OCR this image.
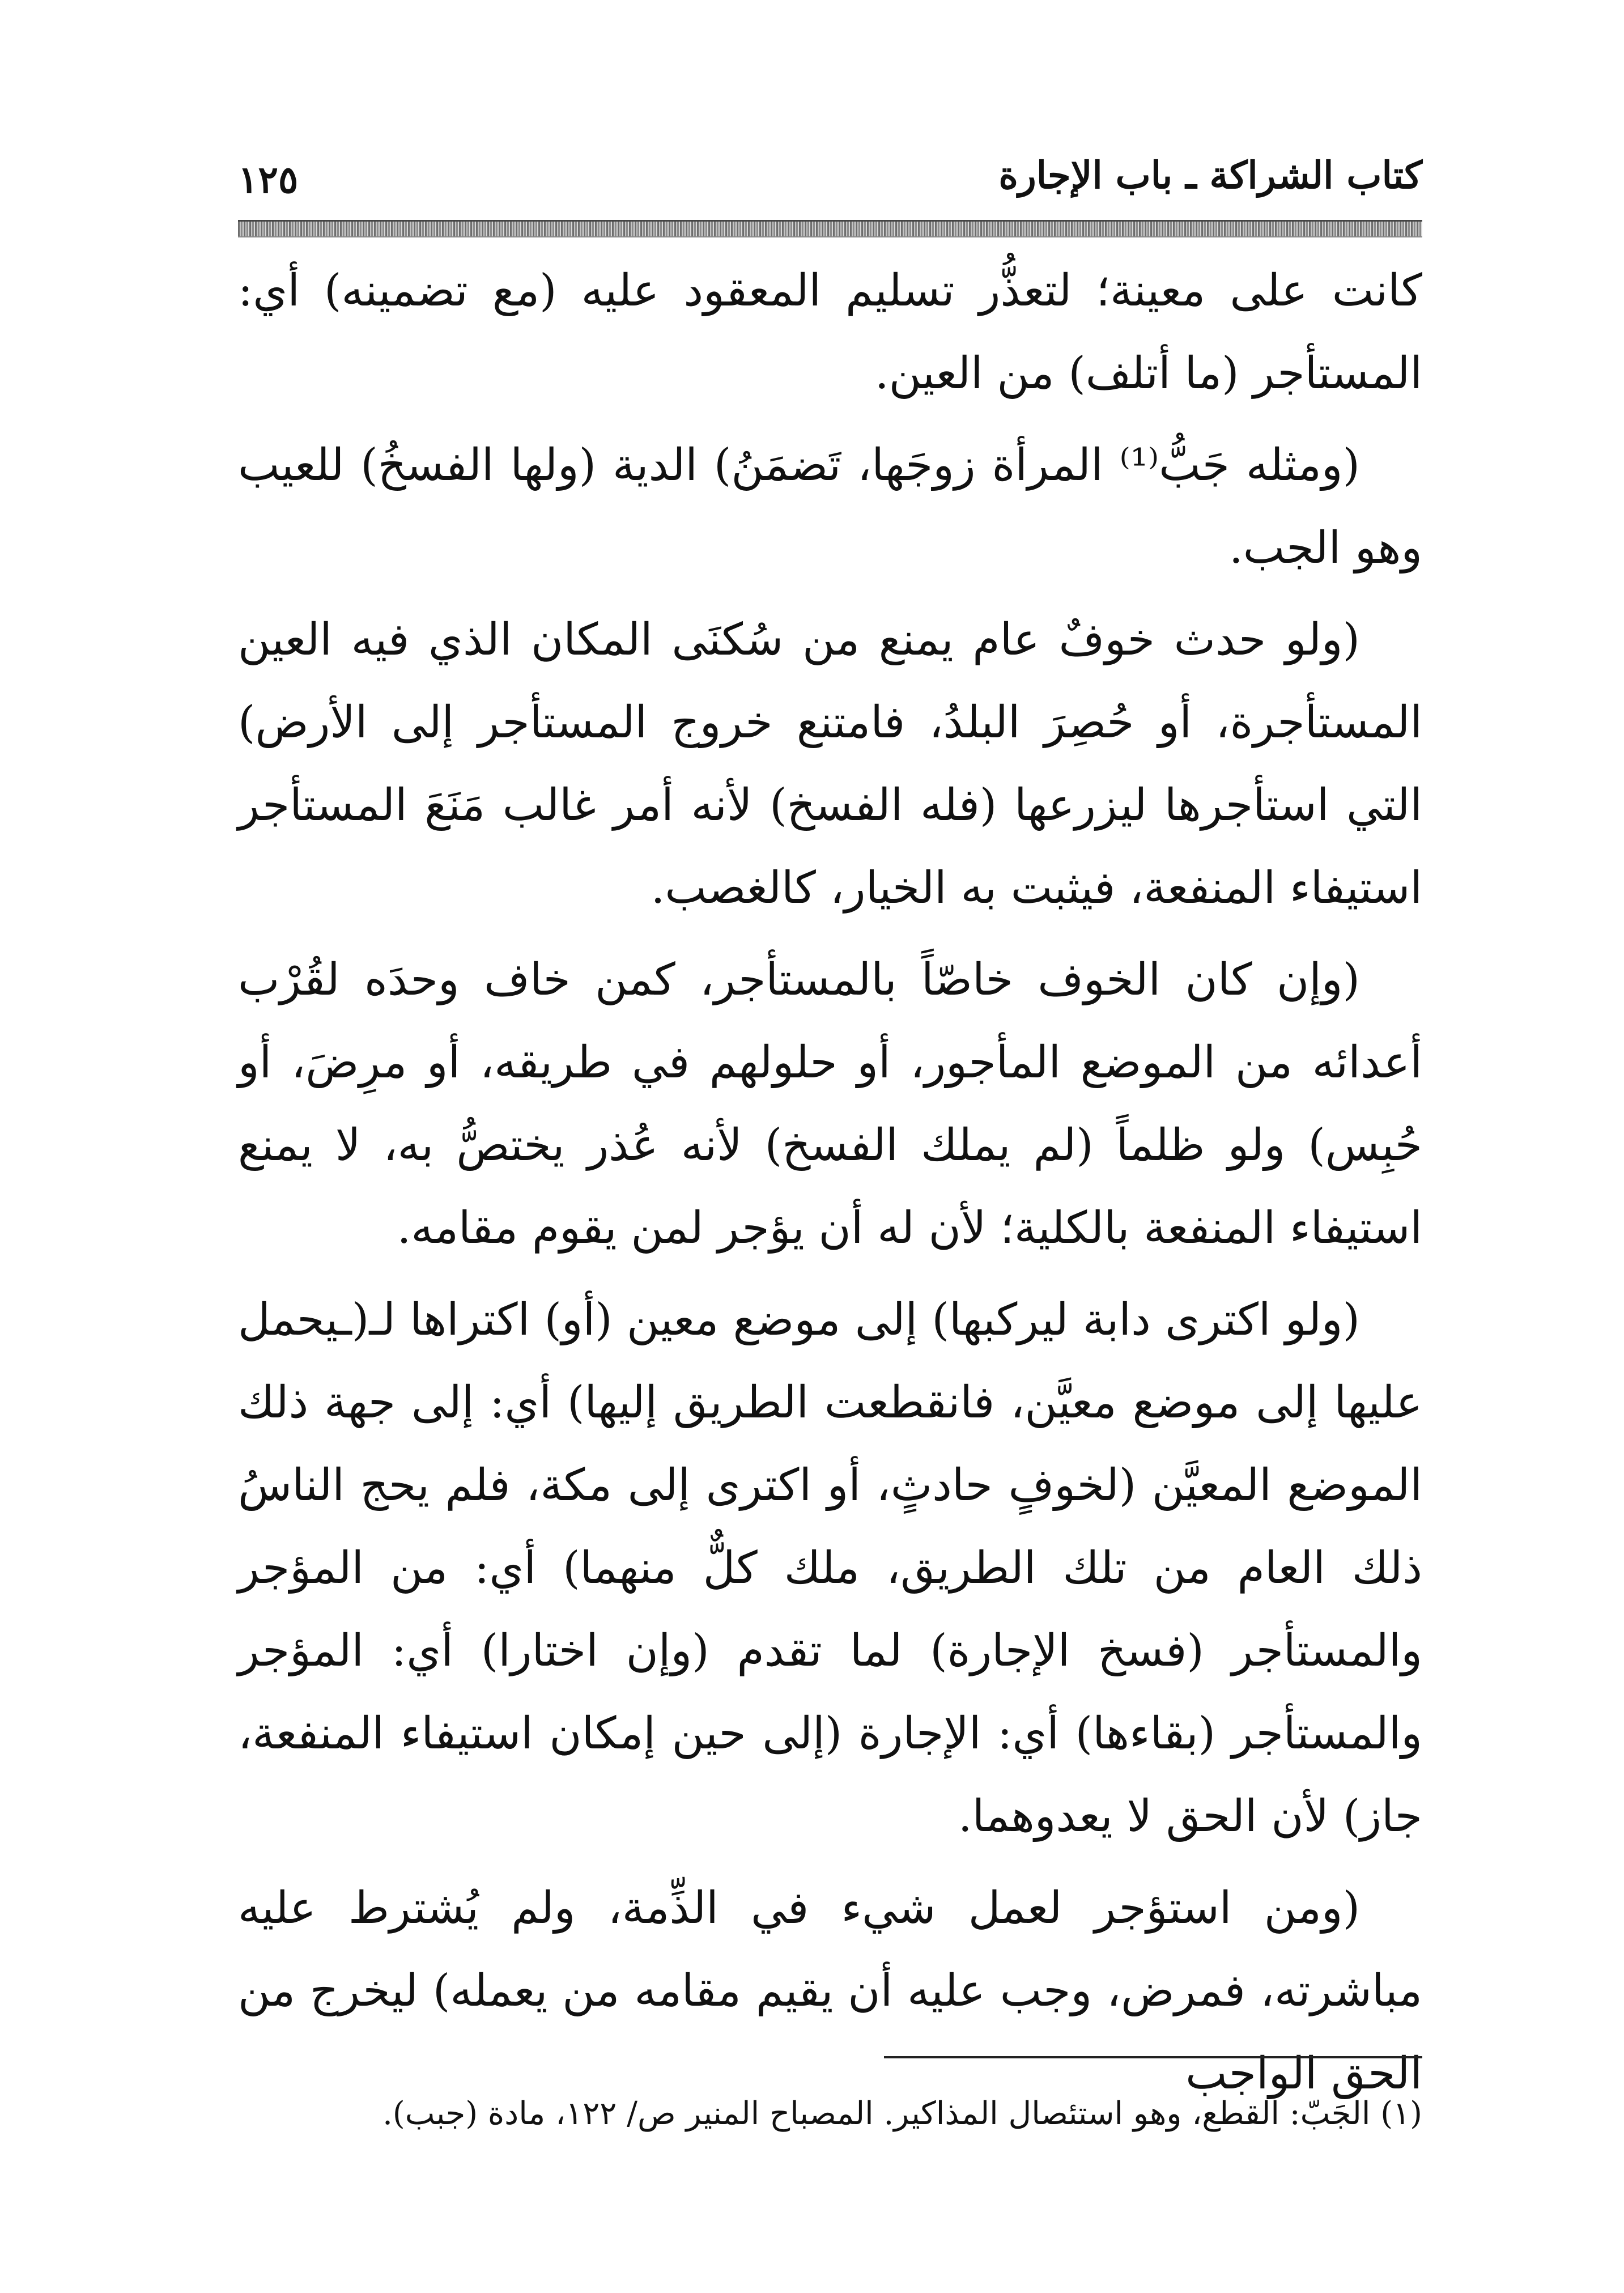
كتاب الشراكة ـ باب الإجارة
١٢٥

كانت على معينة؛ لتعذُّر تسليم المعقود عليه (مع تضمينه) أي: المستأجر (ما أتلف) من العين.

(ومثله جَبُّ⁽¹⁾ المرأة زوجَها، تَضمَنُ) الدية (ولها الفسخُ) للعيب وهو الجب.

(ولو حدث خوفٌ عام يمنع من سُكنَى المكان الذي فيه العين المستأجرة، أو حُصِرَ البلدُ، فامتنع خروج المستأجر إلى الأرض) التي استأجرها ليزرعها (فله الفسخ) لأنه أمر غالب مَنَعَ المستأجر استيفاء المنفعة، فيثبت به الخيار، كالغصب.

(وإن كان الخوف خاصّاً بالمستأجر، كمن خاف وحدَه لقُرْب أعدائه من الموضع المأجور، أو حلولهم في طريقه، أو مرِضَ، أو حُبِس) ولو ظلماً (لم يملك الفسخ) لأنه عُذر يختصُّ به، لا يمنع استيفاء المنفعة بالكلية؛ لأن له أن يؤجر لمن يقوم مقامه.

(ولو اكترى دابة ليركبها) إلى موضع معين (أو) اكتراها لـ(ـيحمل عليها إلى موضع معيَّن، فانقطعت الطريق إليها) أي: إلى جهة ذلك الموضع المعيَّن (لخوفٍ حادثٍ، أو اكترى إلى مكة، فلم يحج الناسُ ذلك العام من تلك الطريق، ملك كلٌّ منهما) أي: من المؤجر والمستأجر (فسخ الإجارة) لما تقدم (وإن اختارا) أي: المؤجر والمستأجر (بقاءها) أي: الإجارة (إلى حين إمكان استيفاء المنفعة، جاز) لأن الحق لا يعدوهما.

(ومن استؤجر لعمل شيء في الذِّمة، ولم يُشترط عليه مباشرته، فمرض، وجب عليه أن يقيم مقامه من يعمله) ليخرج من الحق الواجب

(١) الجَبّ: القطع، وهو استئصال المذاكير. المصباح المنير ص/ ١٢٢، مادة (جبب).
